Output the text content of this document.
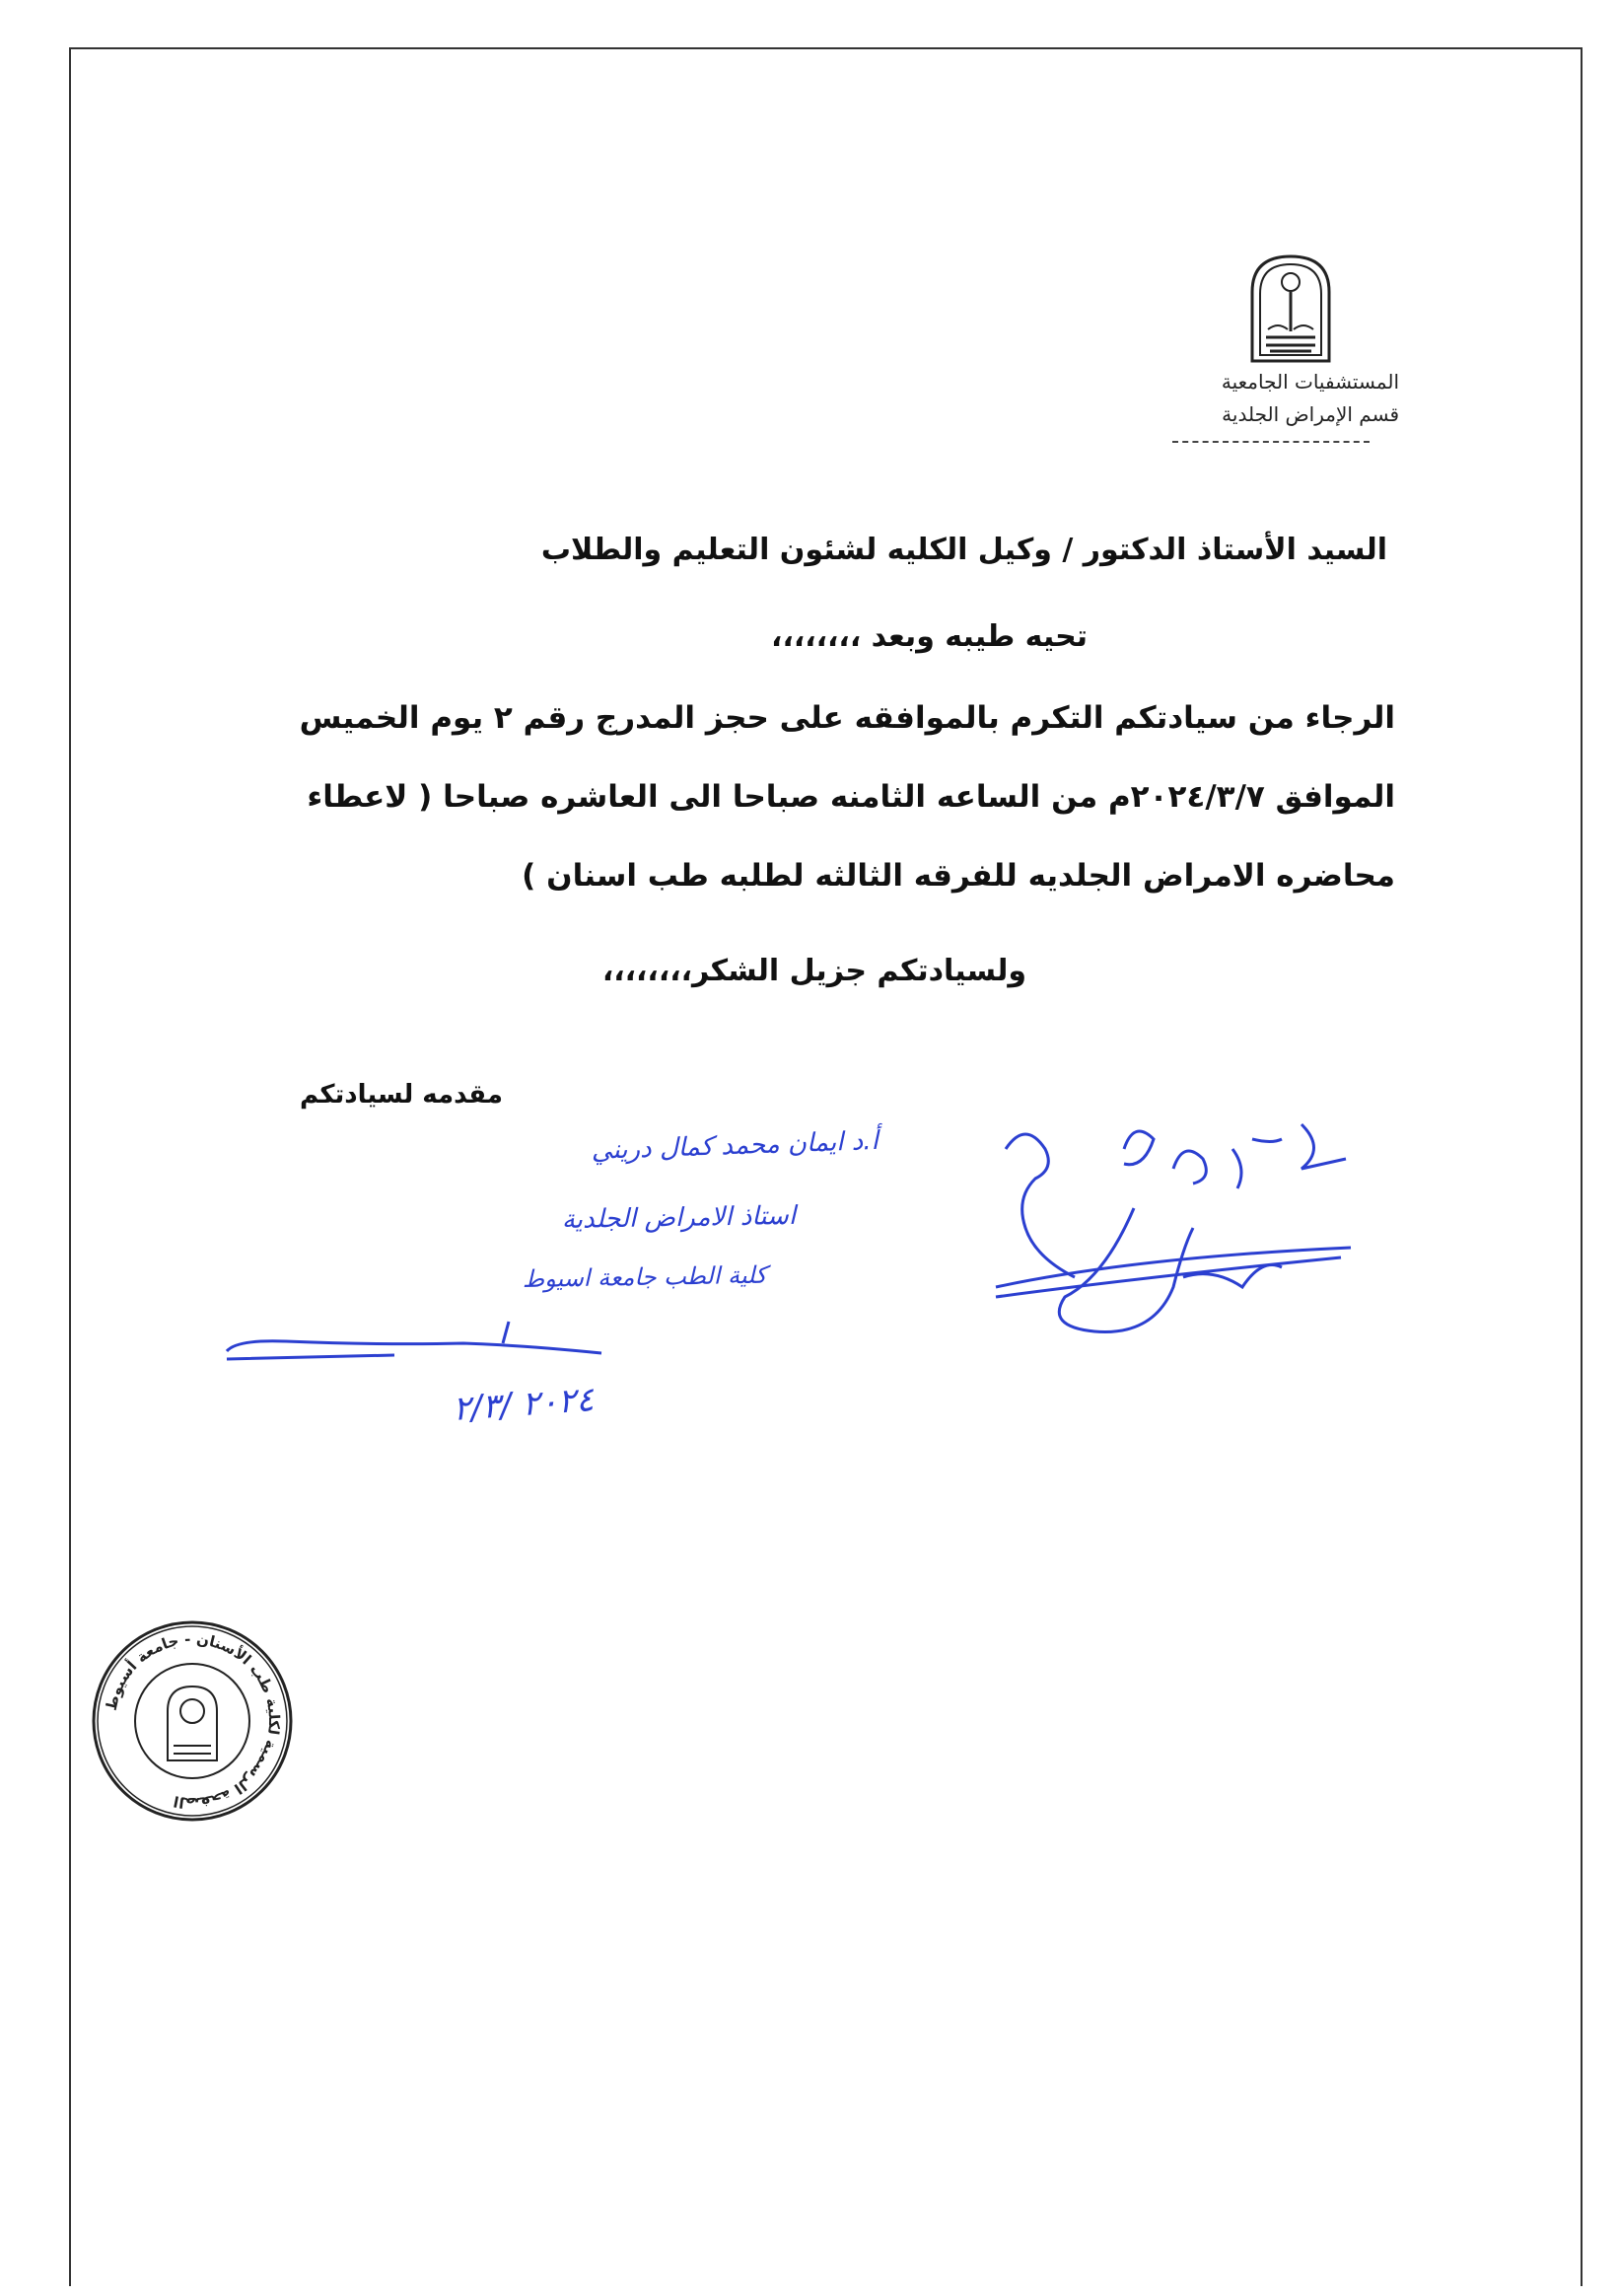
المستشفيات الجامعية
قسم الإمراض الجلدية
السيد الأستاذ الدكتور / وكيل الكليه لشئون التعليم والطلاب
تحيه طيبه وبعد ،،،،،،،،
الرجاء من سيادتكم التكرم بالموافقه على حجز المدرج رقم ٢ يوم الخميس
الموافق ٢٠٢٤/٣/٧م من الساعه الثامنه صباحا الى العاشره صباحا ( لاعطاء
محاضره الامراض الجلديه للفرقه الثالثه لطلبه طب اسنان )
ولسيادتكم جزيل الشكر،،،،،،،،
مقدمه لسيادتكم
أ.د ايمان محمد كمال دريني
استاذ الامراض الجلدية
كلية الطب جامعة اسيوط
٢٠٢٤ /٢/٣
الصفحة الرسمية لكلية طب الأسنان - جامعة أسيوط
